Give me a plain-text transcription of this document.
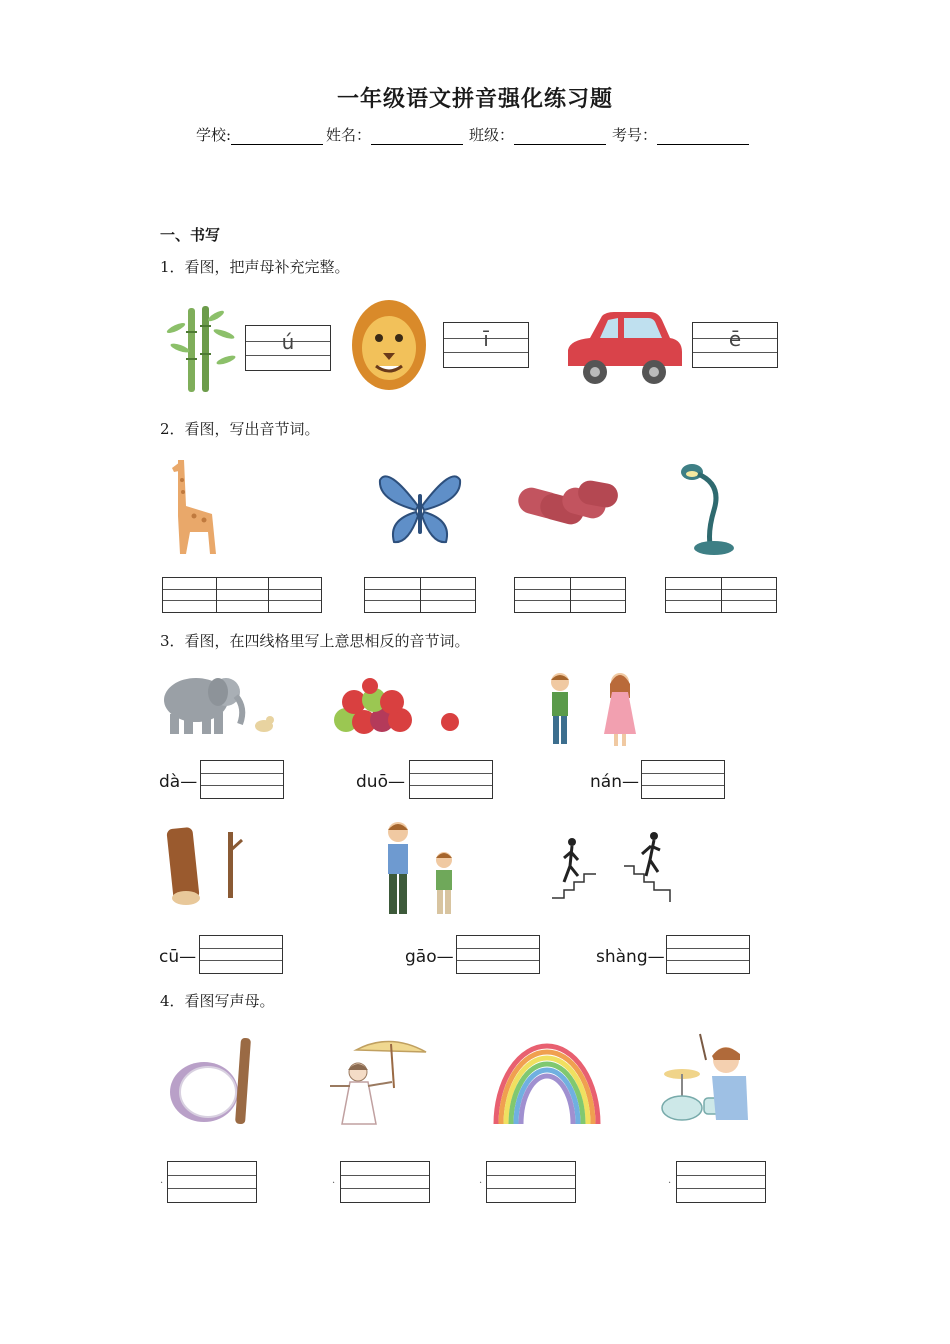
一年级语文拼音强化练习题
学校:	姓名：	班级：	考号：
一、书写
1．看图，把声母补充完整。
ú	ī	ē
2．看图，写出音节词。
3．看图，在四线格里写上意思相反的音节词。
dà—	duō—	nán—
cū—	gāo—	shàng—
4．看图写声母。
·	·	·	·
